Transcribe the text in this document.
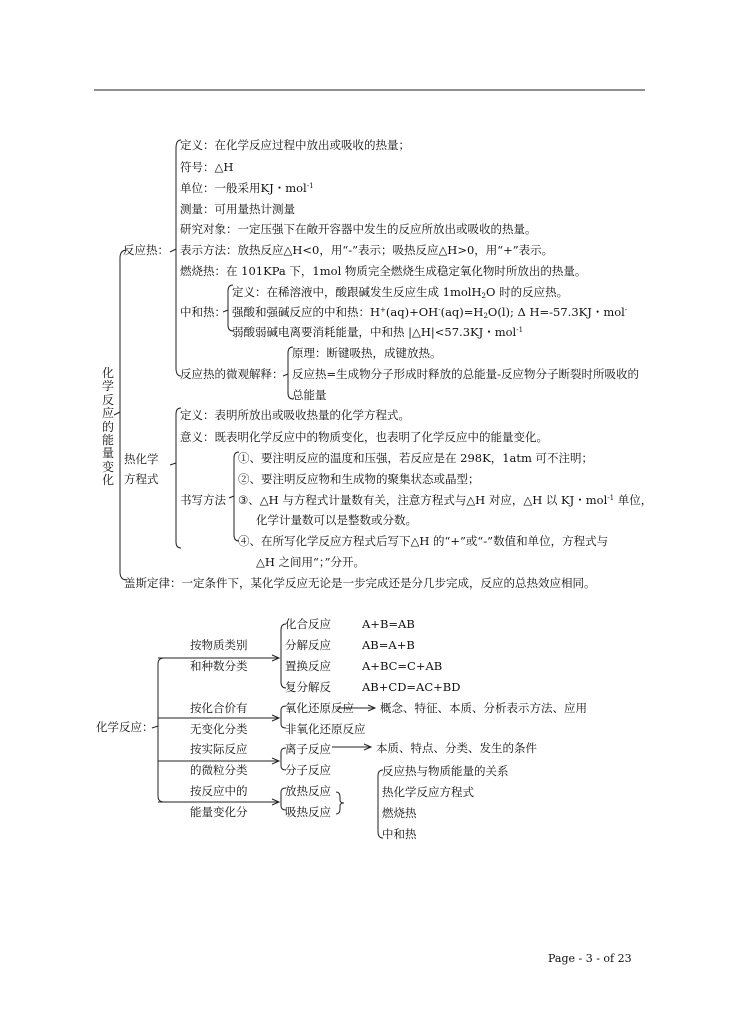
化学反应的能量变化
反应热：
定义：在化学反应过程中放出或吸收的热量；
符号：△H
单位：一般采用KJ・mol$^{-1}$
测量：可用量热计测量
研究对象：一定压强下在敞开容器中发生的反应所放出或吸收的热量。
表示方法：放热反应△H<0，用“-”表示；吸热反应△H>0，用“+”表示。
燃烧热：在 101KPa 下，1mol 物质完全燃烧生成稳定氧化物时所放出的热量。
中和热：
定义：在稀溶液中，酸跟碱发生反应生成 1molH$_2$O 时的反应热。
强酸和强碱反应的中和热：$H^+(aq)+OH^-(aq)=H_2O(l)$; Δ H=-57.3KJ・mol-
弱酸弱碱电离要消耗能量，中和热 |△H|<57.3KJ・mol$^{-1}$
反应热的微观解释：
原理：断键吸热，成键放热。
反应热=生成物分子形成时释放的总能量-反应物分子断裂时所吸收的
总能量
热化学
方程式
定义：表明所放出或吸收热量的化学方程式。
意义：既表明化学反应中的物质变化，也表明了化学反应中的能量变化。
书写方法
①、要注明反应的温度和压强，若反应是在 298K，1atm 可不注明；
②、要注明反应物和生成物的聚集状态或晶型；
③、△H 与方程式计量数有关，注意方程式与△H 对应，△H 以 KJ・mol$^{-1}$ 单位，
化学计量数可以是整数或分数。
④、在所写化学反应方程式后写下△H 的“+”或“-”数值和单位，方程式与
△H 之间用“；”分开。
盖斯定律：一定条件下，某化学反应无论是一步完成还是分几步完成，反应的总热效应相同。
化学反应：
按物质类别
和种数分类
化合反应	A+B=AB
分解反应	AB=A+B
置换反应	A+BC=C+AB
复分解反	AB+CD=AC+BD
按化合价有
无变化分类
氧化还原反应
非氧化还原反应
概念、特征、本质、分析表示方法、应用
按实际反应
的微粒分类
离子反应
分子反应
本质、特点、分类、发生的条件
按反应中的
能量变化分
放热反应
吸热反应
反应热与物质能量的关系
热化学反应方程式
燃烧热
中和热
Page - 3 - of 23
